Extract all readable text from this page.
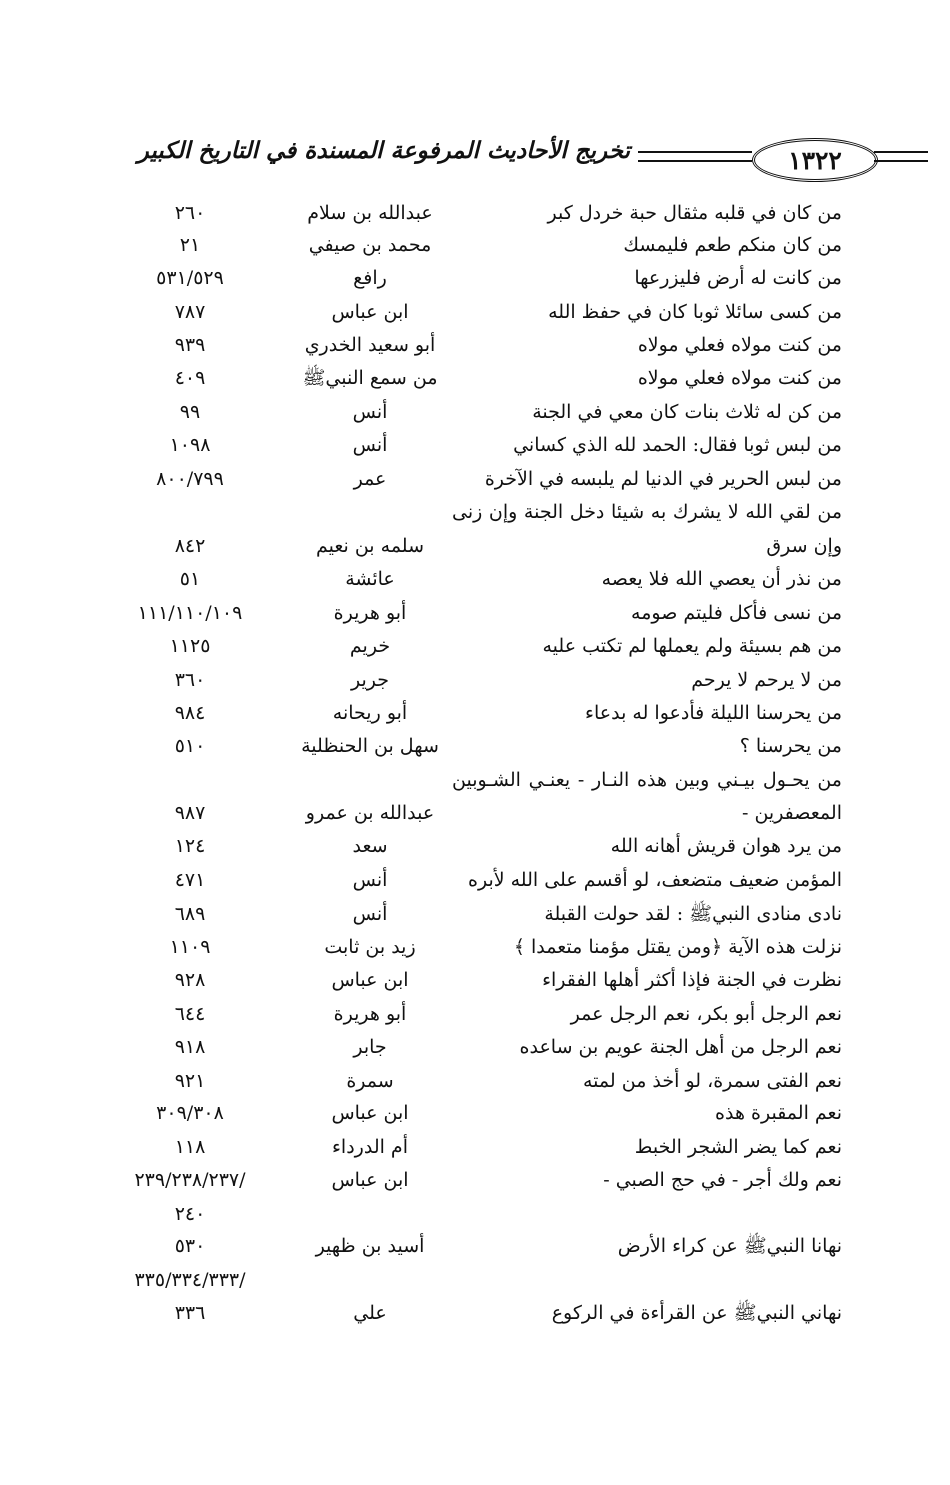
١٣٢٢
تخريج الأحاديث المرفوعة المسندة في التاريخ الكبير
من كان في قلبه مثقال حبة خردل كبر
عبدالله بن سلام
٢٦٠
من كان منكم طعم فليمسك
محمد بن صيفي
٢١
من كانت له أرض فليزرعها
رافع
٥٣١/٥٢٩
من كسى سائلا ثوبا كان في حفظ الله
ابن عباس
٧٨٧
من كنت مولاه فعلي مولاه
أبو سعيد الخدري
٩٣٩
من كنت مولاه فعلي مولاه
من سمع النبيﷺ
٤٠٩
من كن له ثلاث بنات كان معي في الجنة
أنس
٩٩
من لبس ثوبا فقال: الحمد لله الذي كساني
أنس
١٠٩٨
من لبس الحرير في الدنيا لم يلبسه في الآخرة
عمر
٨٠٠/٧٩٩
من لقي الله لا يشرك به شيئا دخل الجنة وإن زنى
وإن سرق
سلمه بن نعيم
٨٤٢
من نذر أن يعصي الله فلا يعصه
عائشة
٥١
من نسى فأكل فليتم صومه
أبو هريرة
١١١/١١٠/١٠٩
من هم بسيئة ولم يعملها لم تكتب عليه
خريم
١١٢٥
من لا يرحم لا يرحم
جرير
٣٦٠
من يحرسنا الليلة فأدعوا له بدعاء
أبو ريحانه
٩٨٤
من يحرسنا ؟
سهل بن الحنظلية
٥١٠
من يحـول بيـني وبين هذه النـار - يعنـي الشـوبين
المعصفرين -
عبدالله بن عمرو
٩٨٧
من يرد هوان قريش أهانه الله
سعد
١٢٤
المؤمن ضعيف متضعف، لو أقسم على الله لأبره
أنس
٤٧١
نادى منادى النبيﷺ : لقد حولت القبلة
أنس
٦٨٩
نزلت هذه الآية ﴿ومن يقتل مؤمنا متعمدا ﴾
زيد بن ثابت
١١٠٩
نظرت في الجنة فإذا أكثر أهلها الفقراء
ابن عباس
٩٢٨
نعم الرجل أبو بكر، نعم الرجل عمر
أبو هريرة
٦٤٤
نعم الرجل من أهل الجنة عويم بن ساعده
جابر
٩١٨
نعم الفتى سمرة، لو أخذ من لمته
سمرة
٩٢١
نعم المقبرة هذه
ابن عباس
٣٠٩/٣٠٨
نعم كما يضر الشجر الخبط
أم الدرداء
١١٨
نعم ولك أجر - في حج الصبي -
ابن عباس
/٢٣٩/٢٣٨/٢٣٧
٢٤٠
نهانا النبيﷺ عن كراء الأرض
أسيد بن ظهير
٥٣٠
/٣٣٥/٣٣٤/٣٣٣
نهاني النبيﷺ عن القرأءة في الركوع
علي
٣٣٦
